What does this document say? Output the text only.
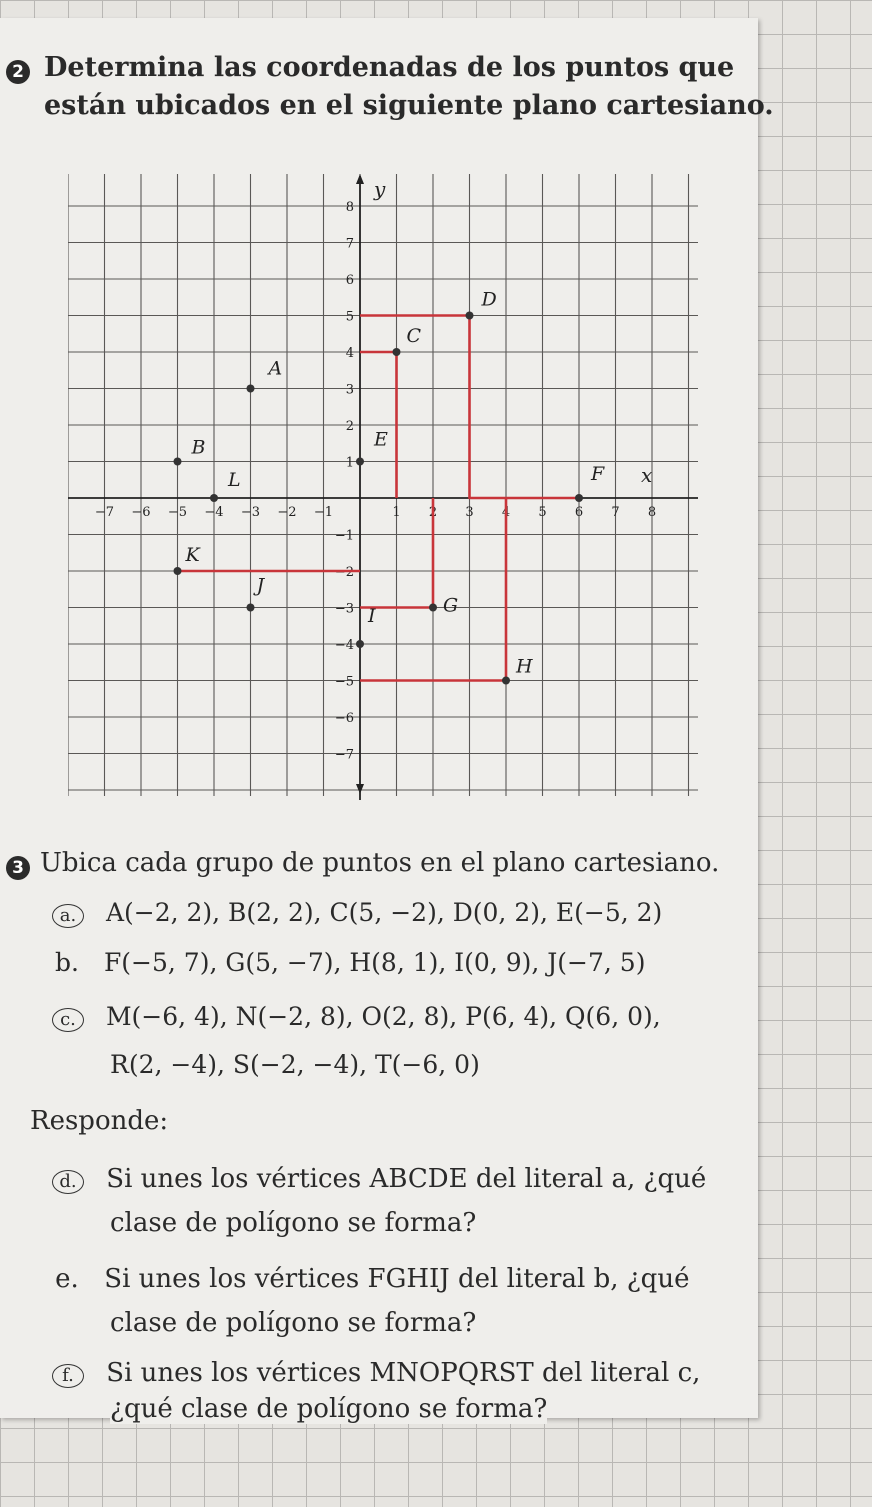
2 Determina las coordenadas de los puntos que
están ubicados en el siguiente plano cartesiano.
y
x
−7 −6 −5 −4 −3 −2 −1	1 2 3 4 5 6 7 8
8
7
6
5
4
3
2
1
−1
−2
−3
−4
−5
−6
−7
A
B
C
D
E
F
G
H
I
J
K
L
3 Ubica cada grupo de puntos en el plano cartesiano.
a. A(−2, 2), B(2, 2), C(5, −2), D(0, 2), E(−5, 2)
b. F(−5, 7), G(5, −7), H(8, 1), I(0, 9), J(−7, 5)
c. M(−6, 4), N(−2, 8), O(2, 8), P(6, 4), Q(6, 0),
R(2, −4), S(−2, −4), T(−6, 0)
Responde:
d. Si unes los vértices ABCDE del literal a, ¿qué
clase de polígono se forma?
e. Si unes los vértices FGHIJ del literal b, ¿qué
clase de polígono se forma?
f. Si unes los vértices MNOPQRST del literal c,
¿qué clase de polígono se forma?
